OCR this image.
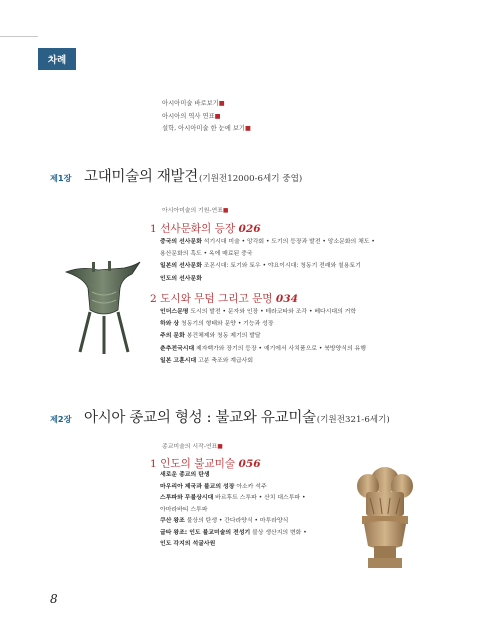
차례
아시아미술 바로보기■
아시아의 역사 연표■
설학, 아시아미술 한 눈에 보기■
제1장 고대미술의 재발견 (기원전12000-6세기 중엽)
아시아미술의 기원-연표■
1 선사문화의 등장 026
중국의 선사문화 석기시대 미술 • 앙각회 • 도기의 등장과 발전 • 앙소문화의 채도 •
용산문화의 흑도 • 옥에 매료된 중국
일본의 선사문화 조몬시대: 토기와 토우 • 야요이시대: 청동기 전래와 칠용토기
인도의 선사문화
2 도시와 무덤 그리고 문명 034
인더스문명 도시의 발전 • 문자와 인장 • 테라코타와 조각 • 베다시대의 거학
하와 상 청동기의 형태와 문양 • 기능과 성장
주의 문화 봉건체제와 청동 제기의 발달
춘추전국시대 제자백가와 장기의 등장 • 예기에서 사치품으로 • 북방양식의 유행
일본 고훈시대 고분 축조와 계급사회
제2장 아시아 종교의 형성 : 불교와 유교미술 (기원전321-6세기)
종교미술의 시작-연표■
1 인도의 불교미술 056
새로운 종교의 탄생
마우리아 제국과 불교의 성장 아소카 석주
스투파와 무불상시대 바르후트 스투파 • 산치 대스투파 •
아마라바티 스투파
쿠산 왕조 불상의 탄생 • 간다라양식 • 마투라양식
굽타 왕조: 인도 불교미술의 전성기 불상 생산지의 변화 •
인도 각지의 석굴사원
8
